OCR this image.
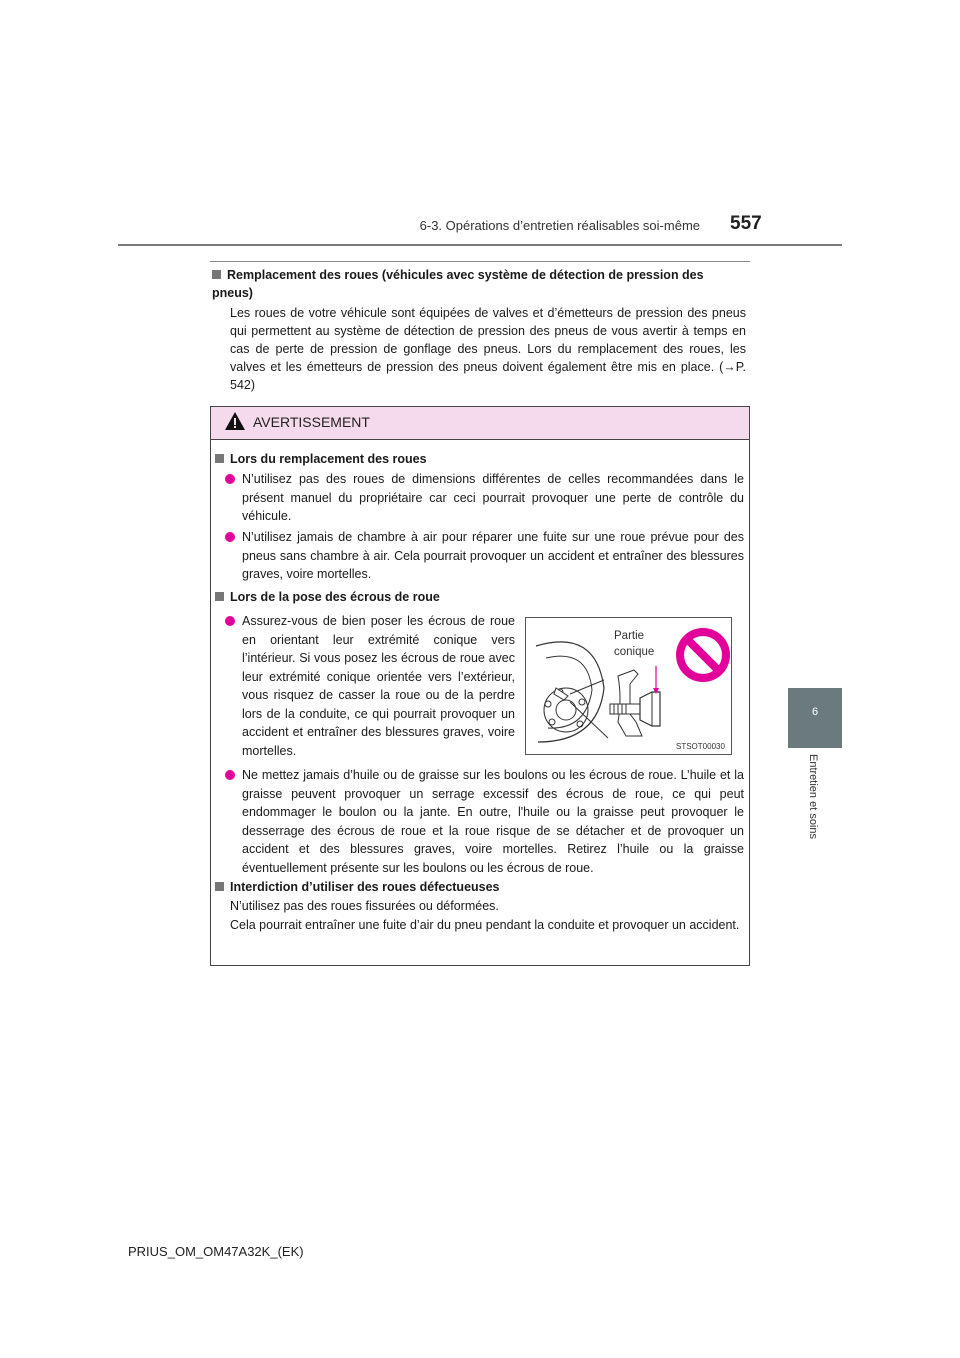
6-3. Opérations d’entretien réalisables soi-même 557
6
Entretien et soins
Remplacement des roues (véhicules avec système de détection de pression des pneus)
Les roues de votre véhicule sont équipées de valves et d’émetteurs de pression des pneus qui permettent au système de détection de pression des pneus de vous avertir à temps en cas de perte de pression de gonflage des pneus. Lors du remplacement des roues, les valves et les émetteurs de pression des pneus doivent également être mis en place. (→P. 542)
AVERTISSEMENT
Lors du remplacement des roues
N’utilisez pas des roues de dimensions différentes de celles recommandées dans le présent manuel du propriétaire car ceci pourrait provoquer une perte de contrôle du véhicule.
N’utilisez jamais de chambre à air pour réparer une fuite sur une roue prévue pour des pneus sans chambre à air. Cela pourrait provoquer un accident et entraîner des blessures graves, voire mortelles.
Lors de la pose des écrous de roue
Assurez-vous de bien poser les écrous de roue en orientant leur extrémité conique vers l’intérieur. Si vous posez les écrous de roue avec leur extrémité conique orientée vers l’extérieur, vous risquez de casser la roue ou de la perdre lors de la conduite, ce qui pourrait provoquer un accident et entraîner des blessures graves, voire mortelles.
Partie
conique
STSOT00030
Ne mettez jamais d’huile ou de graisse sur les boulons ou les écrous de roue. L’huile et la graisse peuvent provoquer un serrage excessif des écrous de roue, ce qui peut endommager le boulon ou la jante. En outre, l'huile ou la graisse peut provoquer le desserrage des écrous de roue et la roue risque de se détacher et de provoquer un accident et des blessures graves, voire mortelles. Retirez l’huile ou la graisse éventuellement présente sur les boulons ou les écrous de roue.
Interdiction d’utiliser des roues défectueuses
N’utilisez pas des roues fissurées ou déformées.
Cela pourrait entraîner une fuite d’air du pneu pendant la conduite et provoquer un accident.
PRIUS_OM_OM47A32K_(EK)
